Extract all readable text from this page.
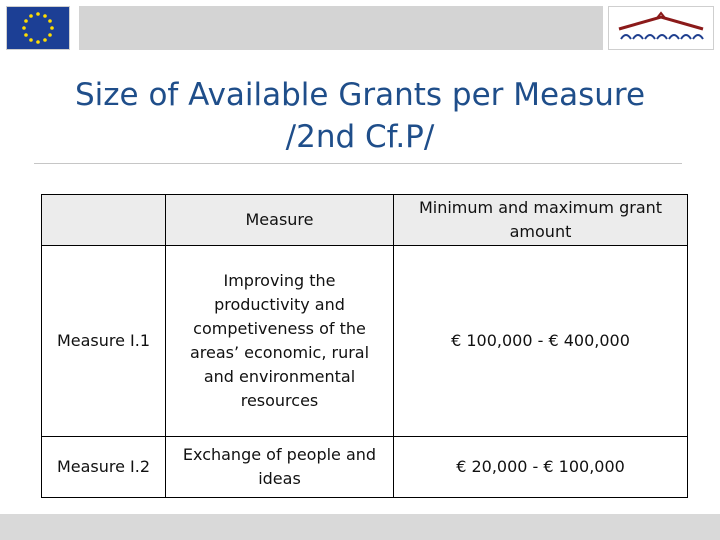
Size of Available Grants per Measure
/2nd Cf.P/
	Measure	Minimum and maximum grant amount
Measure I.1	Improving the productivity and competiveness of the areas’ economic, rural and environmental resources	€ 100,000 - € 400,000
Measure I.2	Exchange of people and ideas	€ 20,000 - € 100,000
